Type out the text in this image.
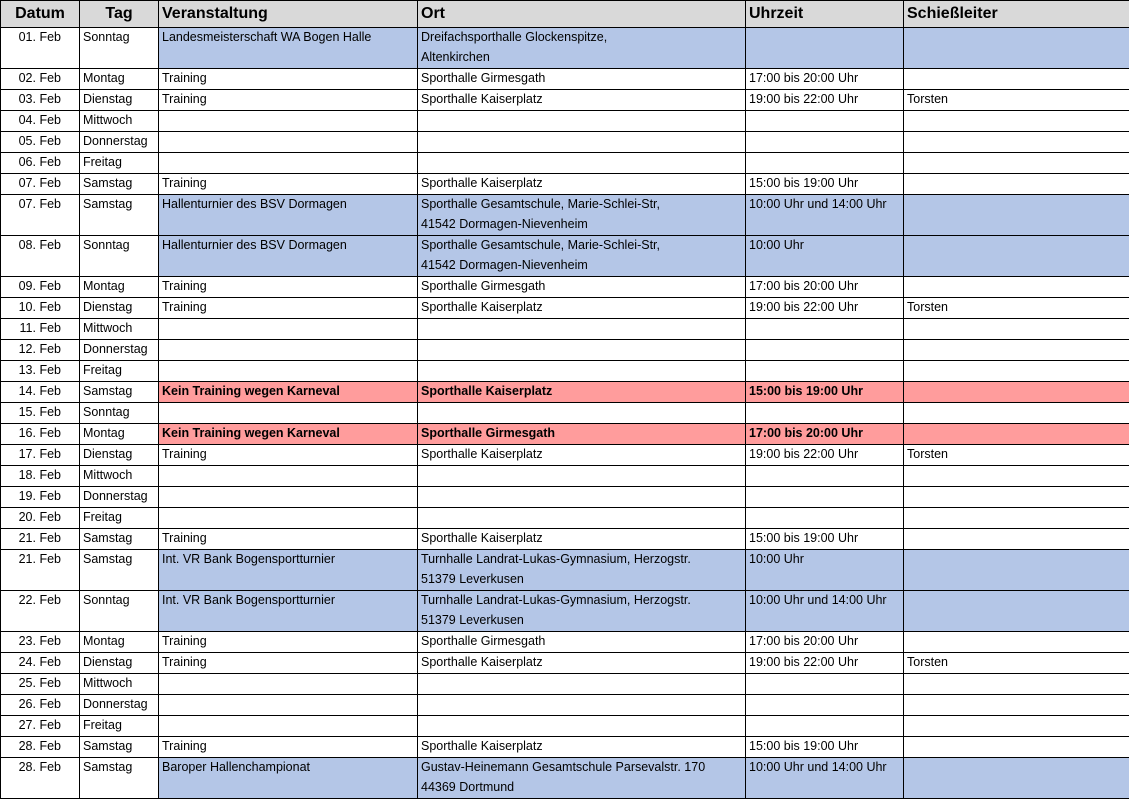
Datum	Tag	Veranstaltung	Ort	Uhrzeit	Schießleiter
01. Feb	Sonntag	Landesmeisterschaft WA Bogen Halle	Dreifachsporthalle Glockenspitze,
Altenkirchen		

02. Feb	Montag	Training	Sporthalle Girmesgath	17:00 bis 20:00 Uhr	
03. Feb	Dienstag	Training	Sporthalle Kaiserplatz	19:00 bis 22:00 Uhr	Torsten
04. Feb	Mittwoch		

05. Feb	Donnerstag		

06. Feb	Freitag		

07. Feb	Samstag	Training	Sporthalle Kaiserplatz	15:00 bis 19:00 Uhr	
07. Feb	Samstag	Hallenturnier des BSV Dormagen	Sporthalle Gesamtschule, Marie-Schlei-Str,
41542 Dormagen-Nievenheim	10:00 Uhr und 14:00 Uhr	
08. Feb	Sonntag	Hallenturnier des BSV Dormagen	Sporthalle Gesamtschule, Marie-Schlei-Str,
41542 Dormagen-Nievenheim	10:00 Uhr	
09. Feb	Montag	Training	Sporthalle Girmesgath	17:00 bis 20:00 Uhr	
10. Feb	Dienstag	Training	Sporthalle Kaiserplatz	19:00 bis 22:00 Uhr	Torsten
11. Feb	Mittwoch		

12. Feb	Donnerstag		

13. Feb	Freitag		

14. Feb	Samstag	Kein Training wegen Karneval	Sporthalle Kaiserplatz	15:00 bis 19:00 Uhr	
15. Feb	Sonntag		

16. Feb	Montag	Kein Training wegen Karneval	Sporthalle Girmesgath	17:00 bis 20:00 Uhr	
17. Feb	Dienstag	Training	Sporthalle Kaiserplatz	19:00 bis 22:00 Uhr	Torsten
18. Feb	Mittwoch		

19. Feb	Donnerstag		

20. Feb	Freitag		

21. Feb	Samstag	Training	Sporthalle Kaiserplatz	15:00 bis 19:00 Uhr	
21. Feb	Samstag	Int. VR Bank Bogensportturnier	Turnhalle Landrat-Lukas-Gymnasium, Herzogstr.
51379 Leverkusen	10:00 Uhr	
22. Feb	Sonntag	Int. VR Bank Bogensportturnier	Turnhalle Landrat-Lukas-Gymnasium, Herzogstr.
51379 Leverkusen	10:00 Uhr und 14:00 Uhr	
23. Feb	Montag	Training	Sporthalle Girmesgath	17:00 bis 20:00 Uhr	
24. Feb	Dienstag	Training	Sporthalle Kaiserplatz	19:00 bis 22:00 Uhr	Torsten
25. Feb	Mittwoch		

26. Feb	Donnerstag		

27. Feb	Freitag		

28. Feb	Samstag	Training	Sporthalle Kaiserplatz	15:00 bis 19:00 Uhr	
28. Feb	Samstag	Baroper Hallenchampionat	Gustav-Heinemann Gesamtschule Parsevalstr. 170
44369 Dortmund	10:00 Uhr und 14:00 Uhr	
